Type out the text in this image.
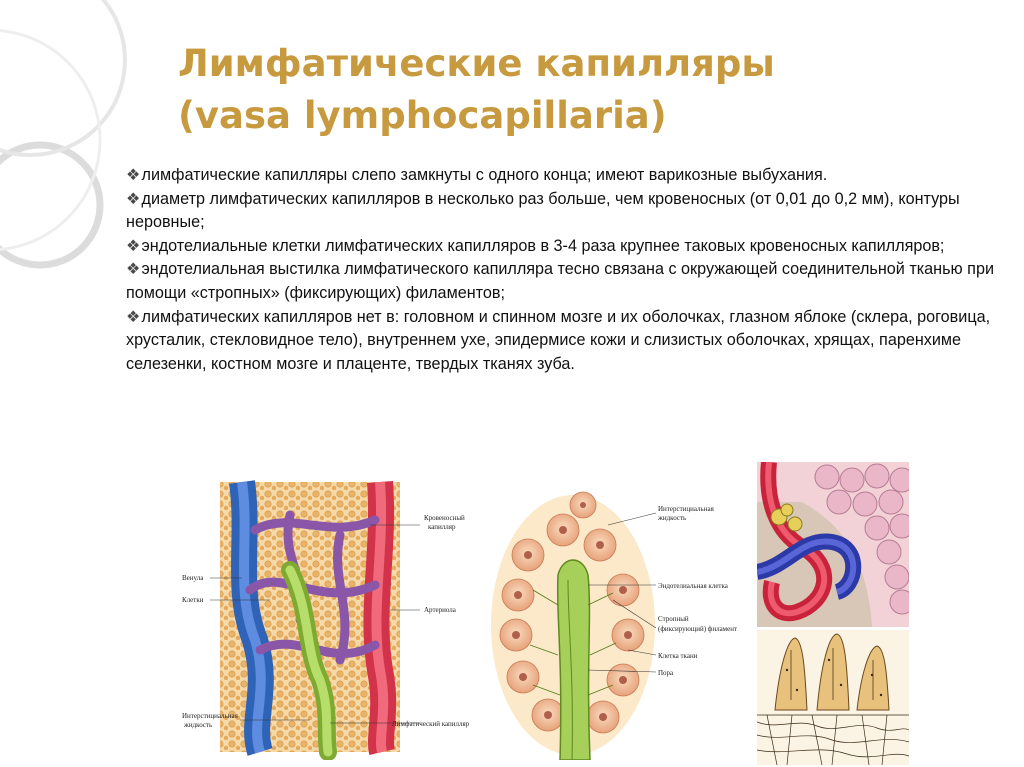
Лимфатические капилляры
(vasa lymphocapillaria)
❖лимфатические капилляры слепо замкнуты с одного конца; имеют варикозные выбухания.
❖диаметр лимфатических капилляров в несколько раз больше, чем кровеносных (от 0,01 до 0,2 мм), контуры неровные;
❖эндотелиальные клетки лимфатических капилляров в 3-4 раза крупнее таковых кровеносных капилляров;
❖эндотелиальная выстилка лимфатического капилляра тесно связана с окружающей соединительной тканью при помощи «стропных» (фиксирующих) филаментов;
❖лимфатических капилляров нет в: головном и спинном мозге и их оболочках, глазном яблоке (склера, роговица, хрусталик, стекловидное тело), внутреннем ухе, эпидермисе кожи и слизистых оболочках, хрящах, паренхиме селезенки, костном мозге и плаценте, твердых тканях зуба.
Кровеносный
капилляр
Венула
Клетки
Артериола
Интерстициальная
жидкость	Лимфатический капилляр
Интерстициальная
жидкость
Эндотелиальная клетка
Стропный
(фиксирующий) филамент
Клетка ткани
Пора
